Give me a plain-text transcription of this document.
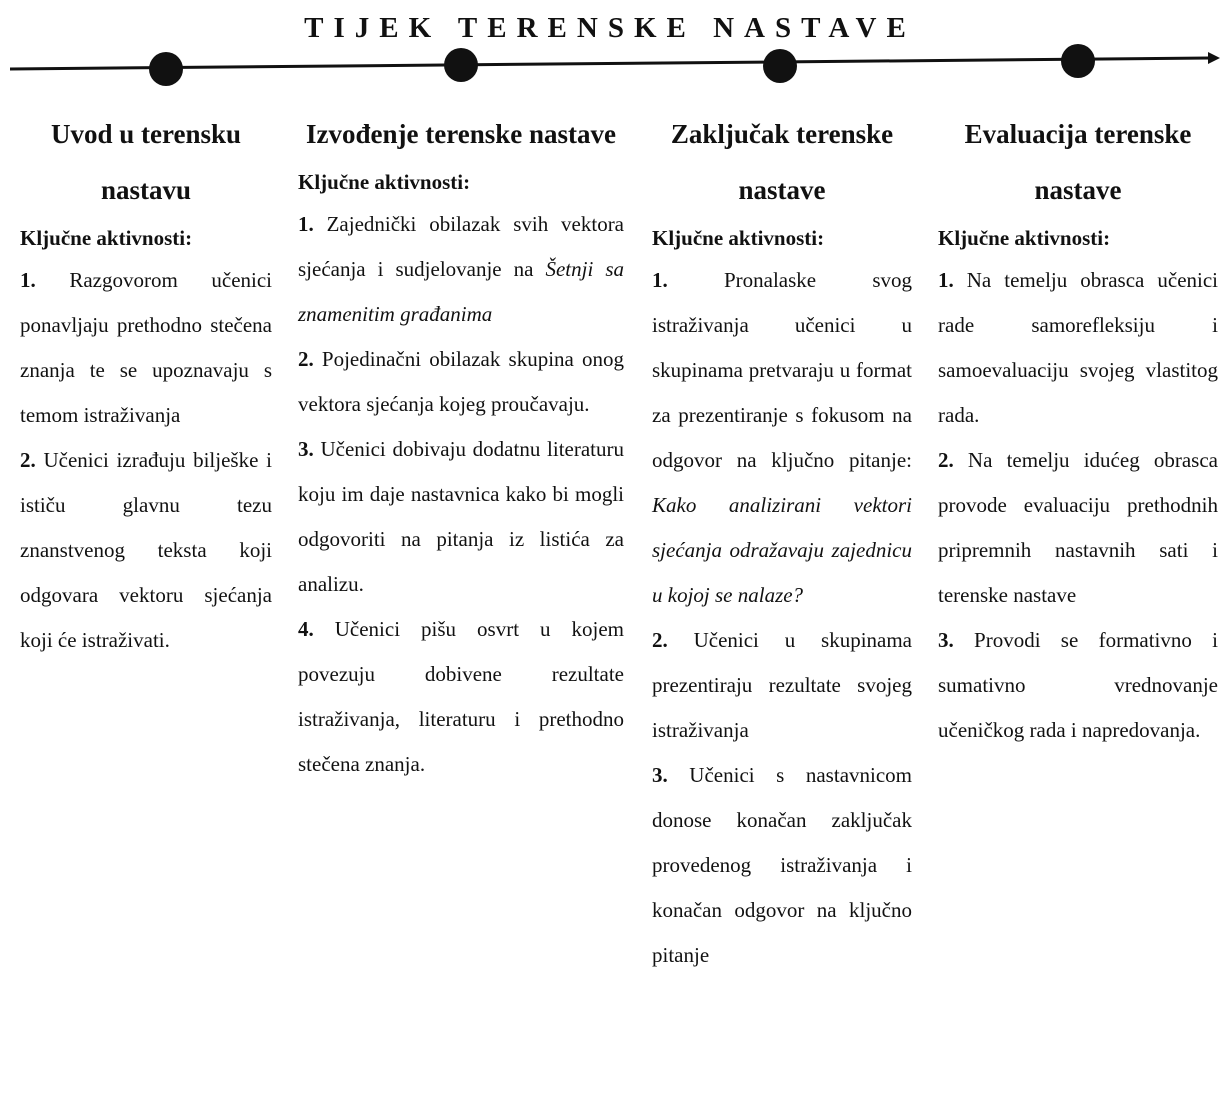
TIJEK TERENSKE NASTAVE
Uvod u terensku nastavu
Ključne aktivnosti:

1. Razgovorom učenici ponavljaju prethodno stečena znanja te se upoznavaju s temom istraživanja

2. Učenici izrađuju bilješke i ističu glavnu tezu znanstvenog teksta koji odgovara vektoru sjećanja koji će istraživati.

Izvođenje terenske nastave
Ključne aktivnosti:

1. Zajednički obilazak svih vektora sjećanja i sudjelovanje na Šetnji sa znamenitim građanima

2. Pojedinačni obilazak skupina onog vektora sjećanja kojeg proučavaju.

3. Učenici dobivaju dodatnu literaturu koju im daje nastavnica kako bi mogli odgovoriti na pitanja iz listića za analizu.

4. Učenici pišu osvrt u kojem povezuju dobivene rezultate istraživanja, literaturu i prethodno stečena znanja.

Zaključak terenske nastave
Ključne aktivnosti:

1.	Pronalaske svog istraživanja učenici u skupinama pretvaraju u format za prezentiranje s fokusom na odgovor na ključno pitanje: Kako analizirani vektori sjećanja odražavaju zajednicu u kojoj se nalaze?

2. Učenici u skupinama prezentiraju rezultate svojeg istraživanja

3. Učenici s nastavnicom donose konačan zaključak provedenog istraživanja i konačan odgovor na ključno pitanje

Evaluacija terenske nastave
Ključne aktivnosti:

1. Na temelju obrasca učenici rade samorefleksiju i samoevaluaciju svojeg vlastitog rada.

2. Na temelju idućeg obrasca provode evaluaciju prethodnih pripremnih nastavnih sati i terenske nastave

3. Provodi se formativno i sumativno vrednovanje učeničkog rada i napredovanja.
